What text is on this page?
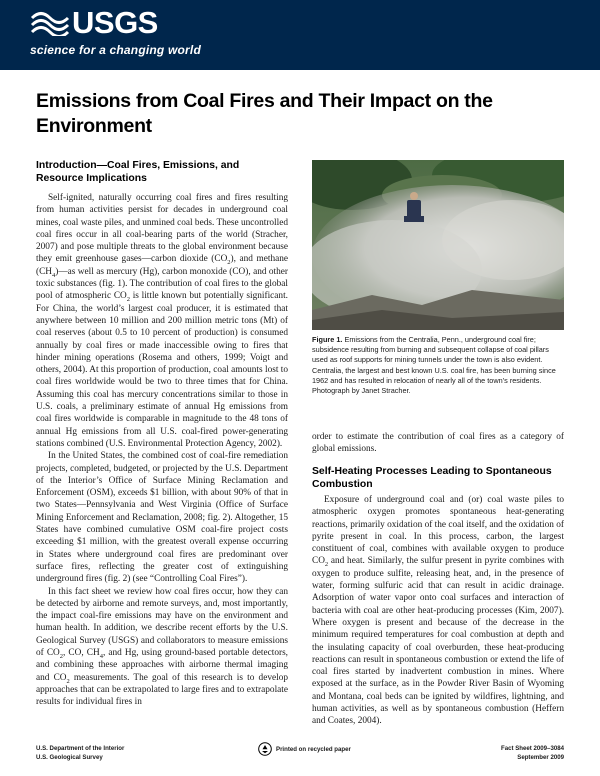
USGS
science for a changing world
Emissions from Coal Fires and Their Impact on the Environment
Introduction—Coal Fires, Emissions, and Resource Implications

Self-ignited, naturally occurring coal fires and fires resulting from human activities persist for decades in underground coal mines, coal waste piles, and unmined coal beds. These uncontrolled coal fires occur in all coal-bearing parts of the world (Stracher, 2007) and pose multiple threats to the global environment because they emit greenhouse gases—carbon dioxide $(CO_2)$, and methane $(CH_4)—as$ well as mercury (Hg), carbon monoxide (CO), and other toxic substances (fig. 1). The contribution of coal fires to the global pool of atmospheric $CO_2$ is little known but potentially significant. For China, the world’s largest coal producer, it is estimated that anywhere between 10 million and 200 million metric tons (Mt) of coal reserves (about 0.5 to 10 percent of production) is consumed annually by coal fires or made inaccessible owing to fires that hinder mining operations (Rosema and others, 1999; Voigt and others, 2004). At this proportion of production, coal amounts lost to coal fires worldwide would be two to three times that for China. Assuming this coal has mercury concentrations similar to those in U.S. coals, a preliminary estimate of annual Hg emissions from coal fires worldwide is comparable in magnitude to the 48 tons of annual Hg emissions from all U.S. coal-fired power-generating stations combined (U.S. Environmental Protection Agency, 2002).

In the United States, the combined cost of coal-fire remediation projects, completed, budgeted, or projected by the U.S. Department of the Interior’s Office of Surface Mining Reclamation and Enforcement (OSM), exceeds $1 billion, with about 90% of that in two States—Pennsylvania and West Virginia (Office of Surface Mining Enforcement and Reclamation, 2008; fig. 2). Altogether, 15 States have combined cumulative OSM coal-fire project costs exceeding $1 million, with the greatest overall expense occurring in States where underground coal fires are predominant over surface fires, reflecting the greater cost of extinguishing underground fires (fig. 2) (see “Controlling Coal Fires”).

In this fact sheet we review how coal fires occur, how they can be detected by airborne and remote surveys, and, most importantly, the impact coal-fire emissions may have on the environment and human health. In addition, we describe recent efforts by the U.S. Geological Survey (USGS) and collaborators to measure emissions of $CO_2$, CO, $CH_4$, and Hg, using ground-based portable detectors, and combining these approaches with airborne thermal imaging and $CO_2$ measurements. The goal of this research is to develop approaches that can be extrapolated to large fires and to extrapolate results for individual fires in

Figure 1. Emissions from the Centralia, Penn., underground coal fire; subsidence resulting from burning and subsequent collapse of coal pillars used as roof supports for mining tunnels under the town is also evident. Centralia, the largest and best known U.S. coal fire, has been burning since 1962 and has resulted in relocation of nearly all of the town’s residents. Photograph by Janet Stracher.

order to estimate the contribution of coal fires as a category of global emissions.

Self-Heating Processes Leading to Spontaneous Combustion

Exposure of underground coal and (or) coal waste piles to atmospheric oxygen promotes spontaneous heat-generating reactions, primarily oxidation of the coal itself, and the oxidation of pyrite present in coal. In this process, carbon, the largest constituent of coal, combines with available oxygen to produce $CO_2$ and heat. Similarly, the sulfur present in pyrite combines with oxygen to produce sulfite, releasing heat, and, in the presence of water, forming sulfuric acid that can result in acidic drainage. Adsorption of water vapor onto coal surfaces and interaction of bacteria with coal are other heat-producing processes (Kim, 2007). Where oxygen is present and because of the decrease in the minimum required temperatures for coal combustion at depth and the insulating capacity of coal overburden, these heat-producing reactions can result in spontaneous combustion or extend the life of coal fires started by inadvertent combustion in mines. Where exposed at the surface, as in the Powder River Basin of Wyoming and Montana, coal beds can be ignited by wildfires, lightning, and human activities, as well as by spontaneous combustion (Heffern and Coates, 2004).

U.S. Department of the Interior
U.S. Geological Survey
Printed on recycled paper	Fact Sheet 2009–3084
September 2009
